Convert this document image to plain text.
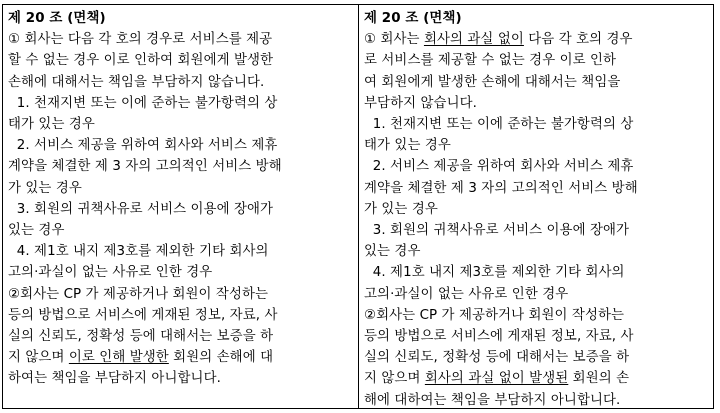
제 20 조 (면책)
① 회사는 다음 각 호의 경우로 서비스를 제공
할 수 없는 경우 이로 인하여 회원에게 발생한
손해에 대해서는 책임을 부담하지 않습니다.
1. 천재지변 또는 이에 준하는 불가항력의 상
태가 있는 경우
2. 서비스 제공을 위하여 회사와 서비스 제휴
계약을 체결한 제 3 자의 고의적인 서비스 방해
가 있는 경우
3. 회원의 귀책사유로 서비스 이용에 장애가
있는 경우
4. 제1호 내지 제3호를 제외한 기타 회사의
고의·과실이 없는 사유로 인한 경우
②회사는 CP 가 제공하거나 회원이 작성하는
등의 방법으로 서비스에 게재된 정보, 자료, 사
실의 신뢰도, 정확성 등에 대해서는 보증을 하
지 않으며 이로 인해 발생한 회원의 손해에 대
하여는 책임을 부담하지 아니합니다.
제 20 조 (면책)
① 회사는 회사의 과실 없이 다음 각 호의 경우
로 서비스를 제공할 수 없는 경우 이로 인하
여 회원에게 발생한 손해에 대해서는 책임을
부담하지 않습니다.
1. 천재지변 또는 이에 준하는 불가항력의 상
태가 있는 경우
2. 서비스 제공을 위하여 회사와 서비스 제휴
계약을 체결한 제 3 자의 고의적인 서비스 방해
가 있는 경우
3. 회원의 귀책사유로 서비스 이용에 장애가
있는 경우
4. 제1호 내지 제3호를 제외한 기타 회사의
고의·과실이 없는 사유로 인한 경우
②회사는 CP 가 제공하거나 회원이 작성하는
등의 방법으로 서비스에 게재된 정보, 자료, 사
실의 신뢰도, 정확성 등에 대해서는 보증을 하
지 않으며 회사의 과실 없이 발생된 회원의 손
해에 대하여는 책임을 부담하지 아니합니다.
